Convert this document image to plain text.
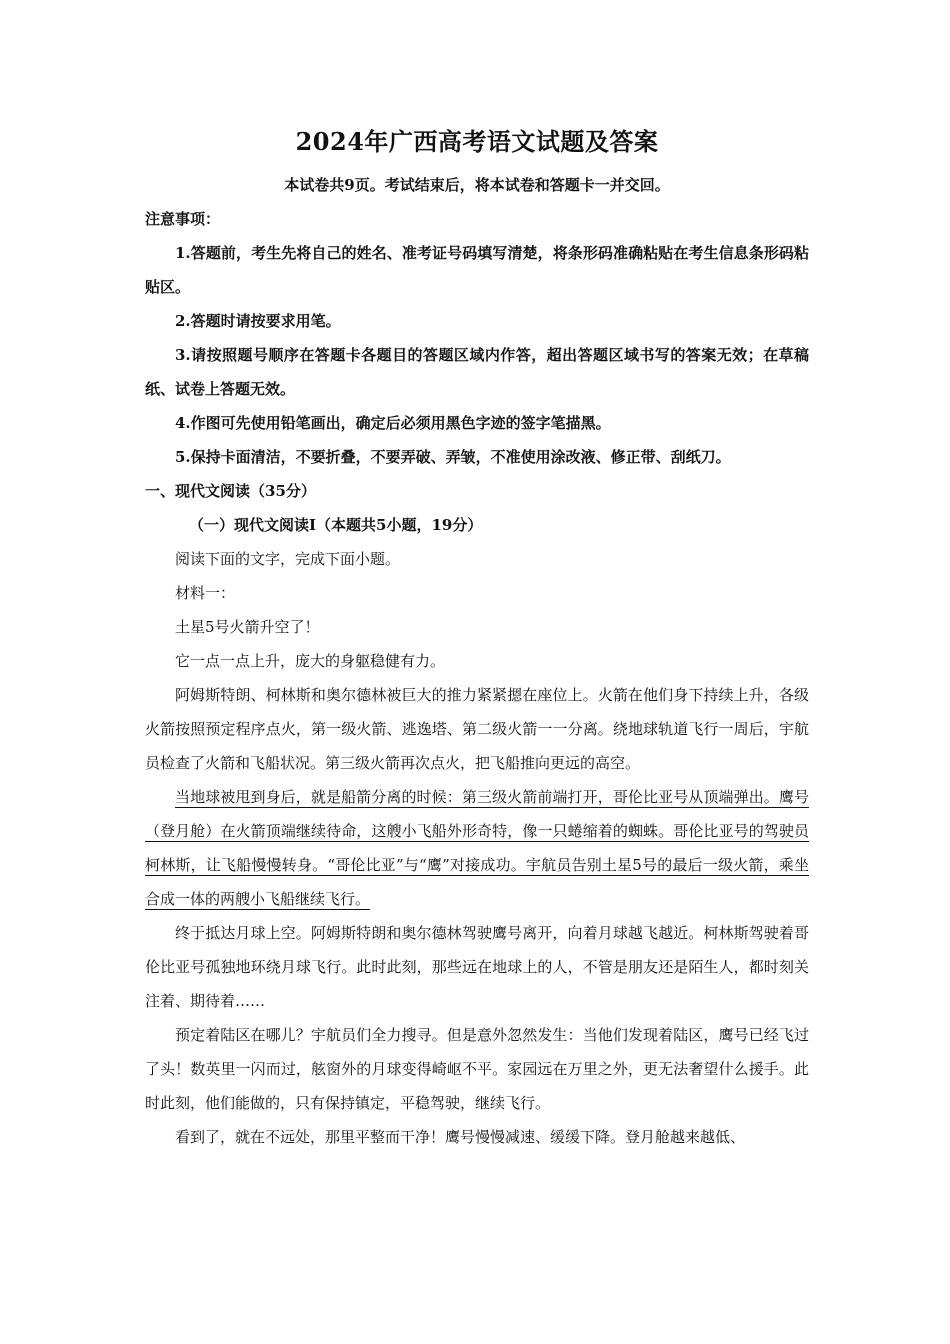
2024年广西高考语文试题及答案

本试卷共9页。考试结束后，将本试卷和答题卡一并交回。

注意事项：

1.答题前，考生先将自己的姓名、准考证号码填写清楚，将条形码准确粘贴在考生信息条形码粘贴区。

2.答题时请按要求用笔。

3.请按照题号顺序在答题卡各题目的答题区域内作答，超出答题区域书写的答案无效；在草稿纸、试卷上答题无效。

4.作图可先使用铅笔画出，确定后必须用黑色字迹的签字笔描黑。

5.保持卡面清洁，不要折叠，不要弄破、弄皱，不准使用涂改液、修正带、刮纸刀。

一、现代文阅读（35分）

（一）现代文阅读Ⅰ（本题共5小题，19分）

阅读下面的文字，完成下面小题。

材料一：

土星5号火箭升空了！

它一点一点上升，庞大的身躯稳健有力。

阿姆斯特朗、柯林斯和奥尔德林被巨大的推力紧紧摁在座位上。火箭在他们身下持续上升，各级火箭按照预定程序点火，第一级火箭、逃逸塔、第二级火箭一一分离。绕地球轨道飞行一周后，宇航员检查了火箭和飞船状况。第三级火箭再次点火，把飞船推向更远的高空。

当地球被甩到身后，就是船箭分离的时候：第三级火箭前端打开，哥伦比亚号从顶端弹出。鹰号（登月舱）在火箭顶端继续待命，这艘小飞船外形奇特，像一只蜷缩着的蜘蛛。哥伦比亚号的驾驶员柯林斯，让飞船慢慢转身。“哥伦比亚”与“鹰”对接成功。宇航员告别土星5号的最后一级火箭，乘坐合成一体的两艘小飞船继续飞行。

终于抵达月球上空。阿姆斯特朗和奥尔德林驾驶鹰号离开，向着月球越飞越近。柯林斯驾驶着哥伦比亚号孤独地环绕月球飞行。此时此刻，那些远在地球上的人，不管是朋友还是陌生人，都时刻关注着、期待着……

预定着陆区在哪儿？宇航员们全力搜寻。但是意外忽然发生：当他们发现着陆区，鹰号已经飞过了头！数英里一闪而过，舷窗外的月球变得崎岖不平。家园远在万里之外，更无法奢望什么援手。此时此刻，他们能做的，只有保持镇定，平稳驾驶，继续飞行。

看到了，就在不远处，那里平整而干净！鹰号慢慢减速、缓缓下降。登月舱越来越低、
